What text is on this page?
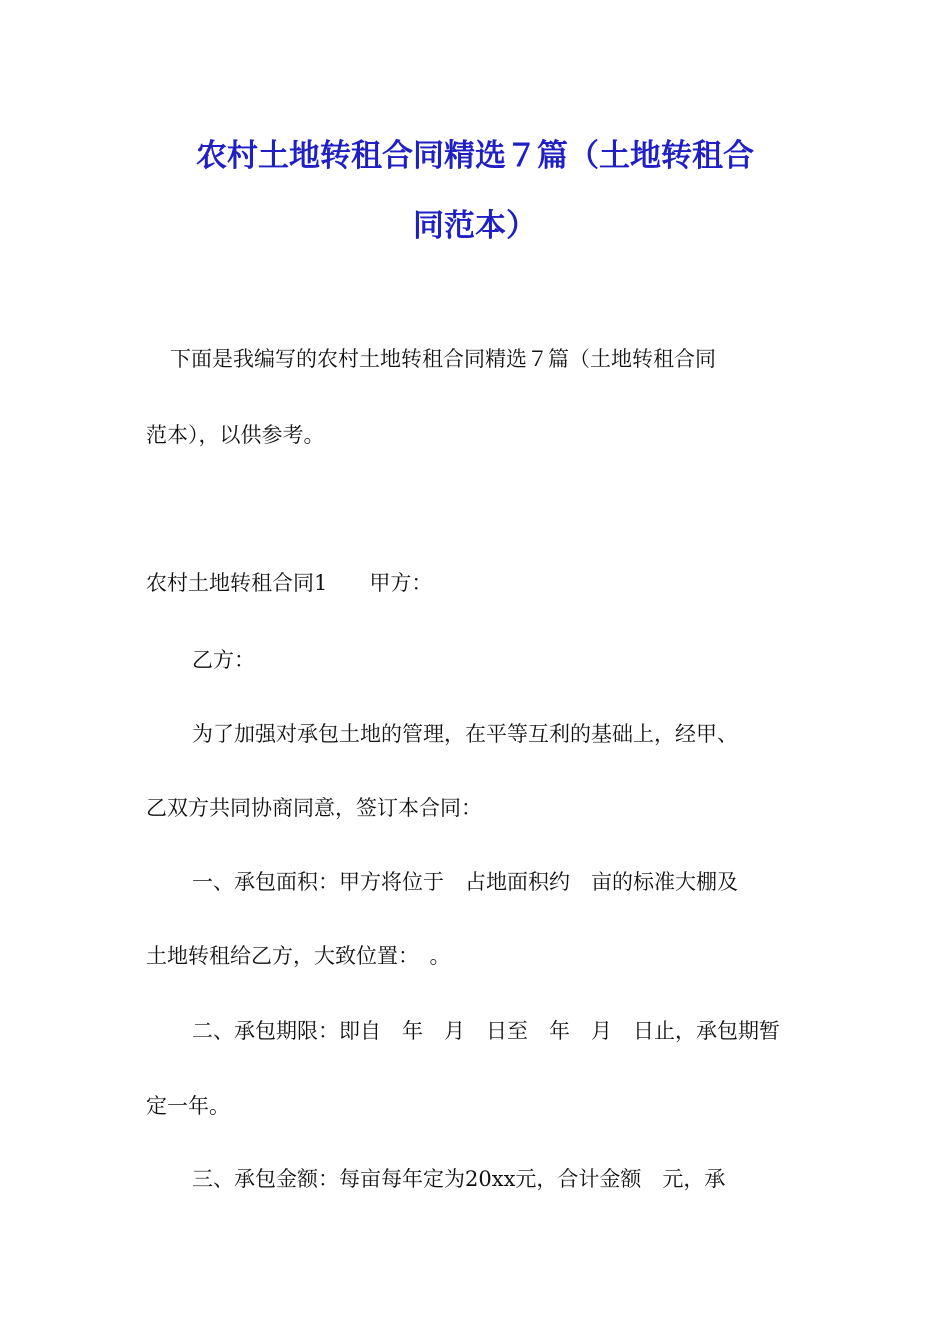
农村土地转租合同精选７篇（土地转租合
同范本）
下面是我编写的农村土地转租合同精选７篇（土地转租合同
范本），以供参考。
农村土地转租合同1　　甲方：
乙方：
为了加强对承包土地的管理，在平等互利的基础上，经甲、
乙双方共同协商同意，签订本合同：
一、承包面积：甲方将位于　占地面积约　亩的标准大棚及
土地转租给乙方，大致位置：　。
二、承包期限：即自　年　月　日至　年　月　日止，承包期暂
定一年。
三、承包金额：每亩每年定为20xx元，合计金额　元，承
